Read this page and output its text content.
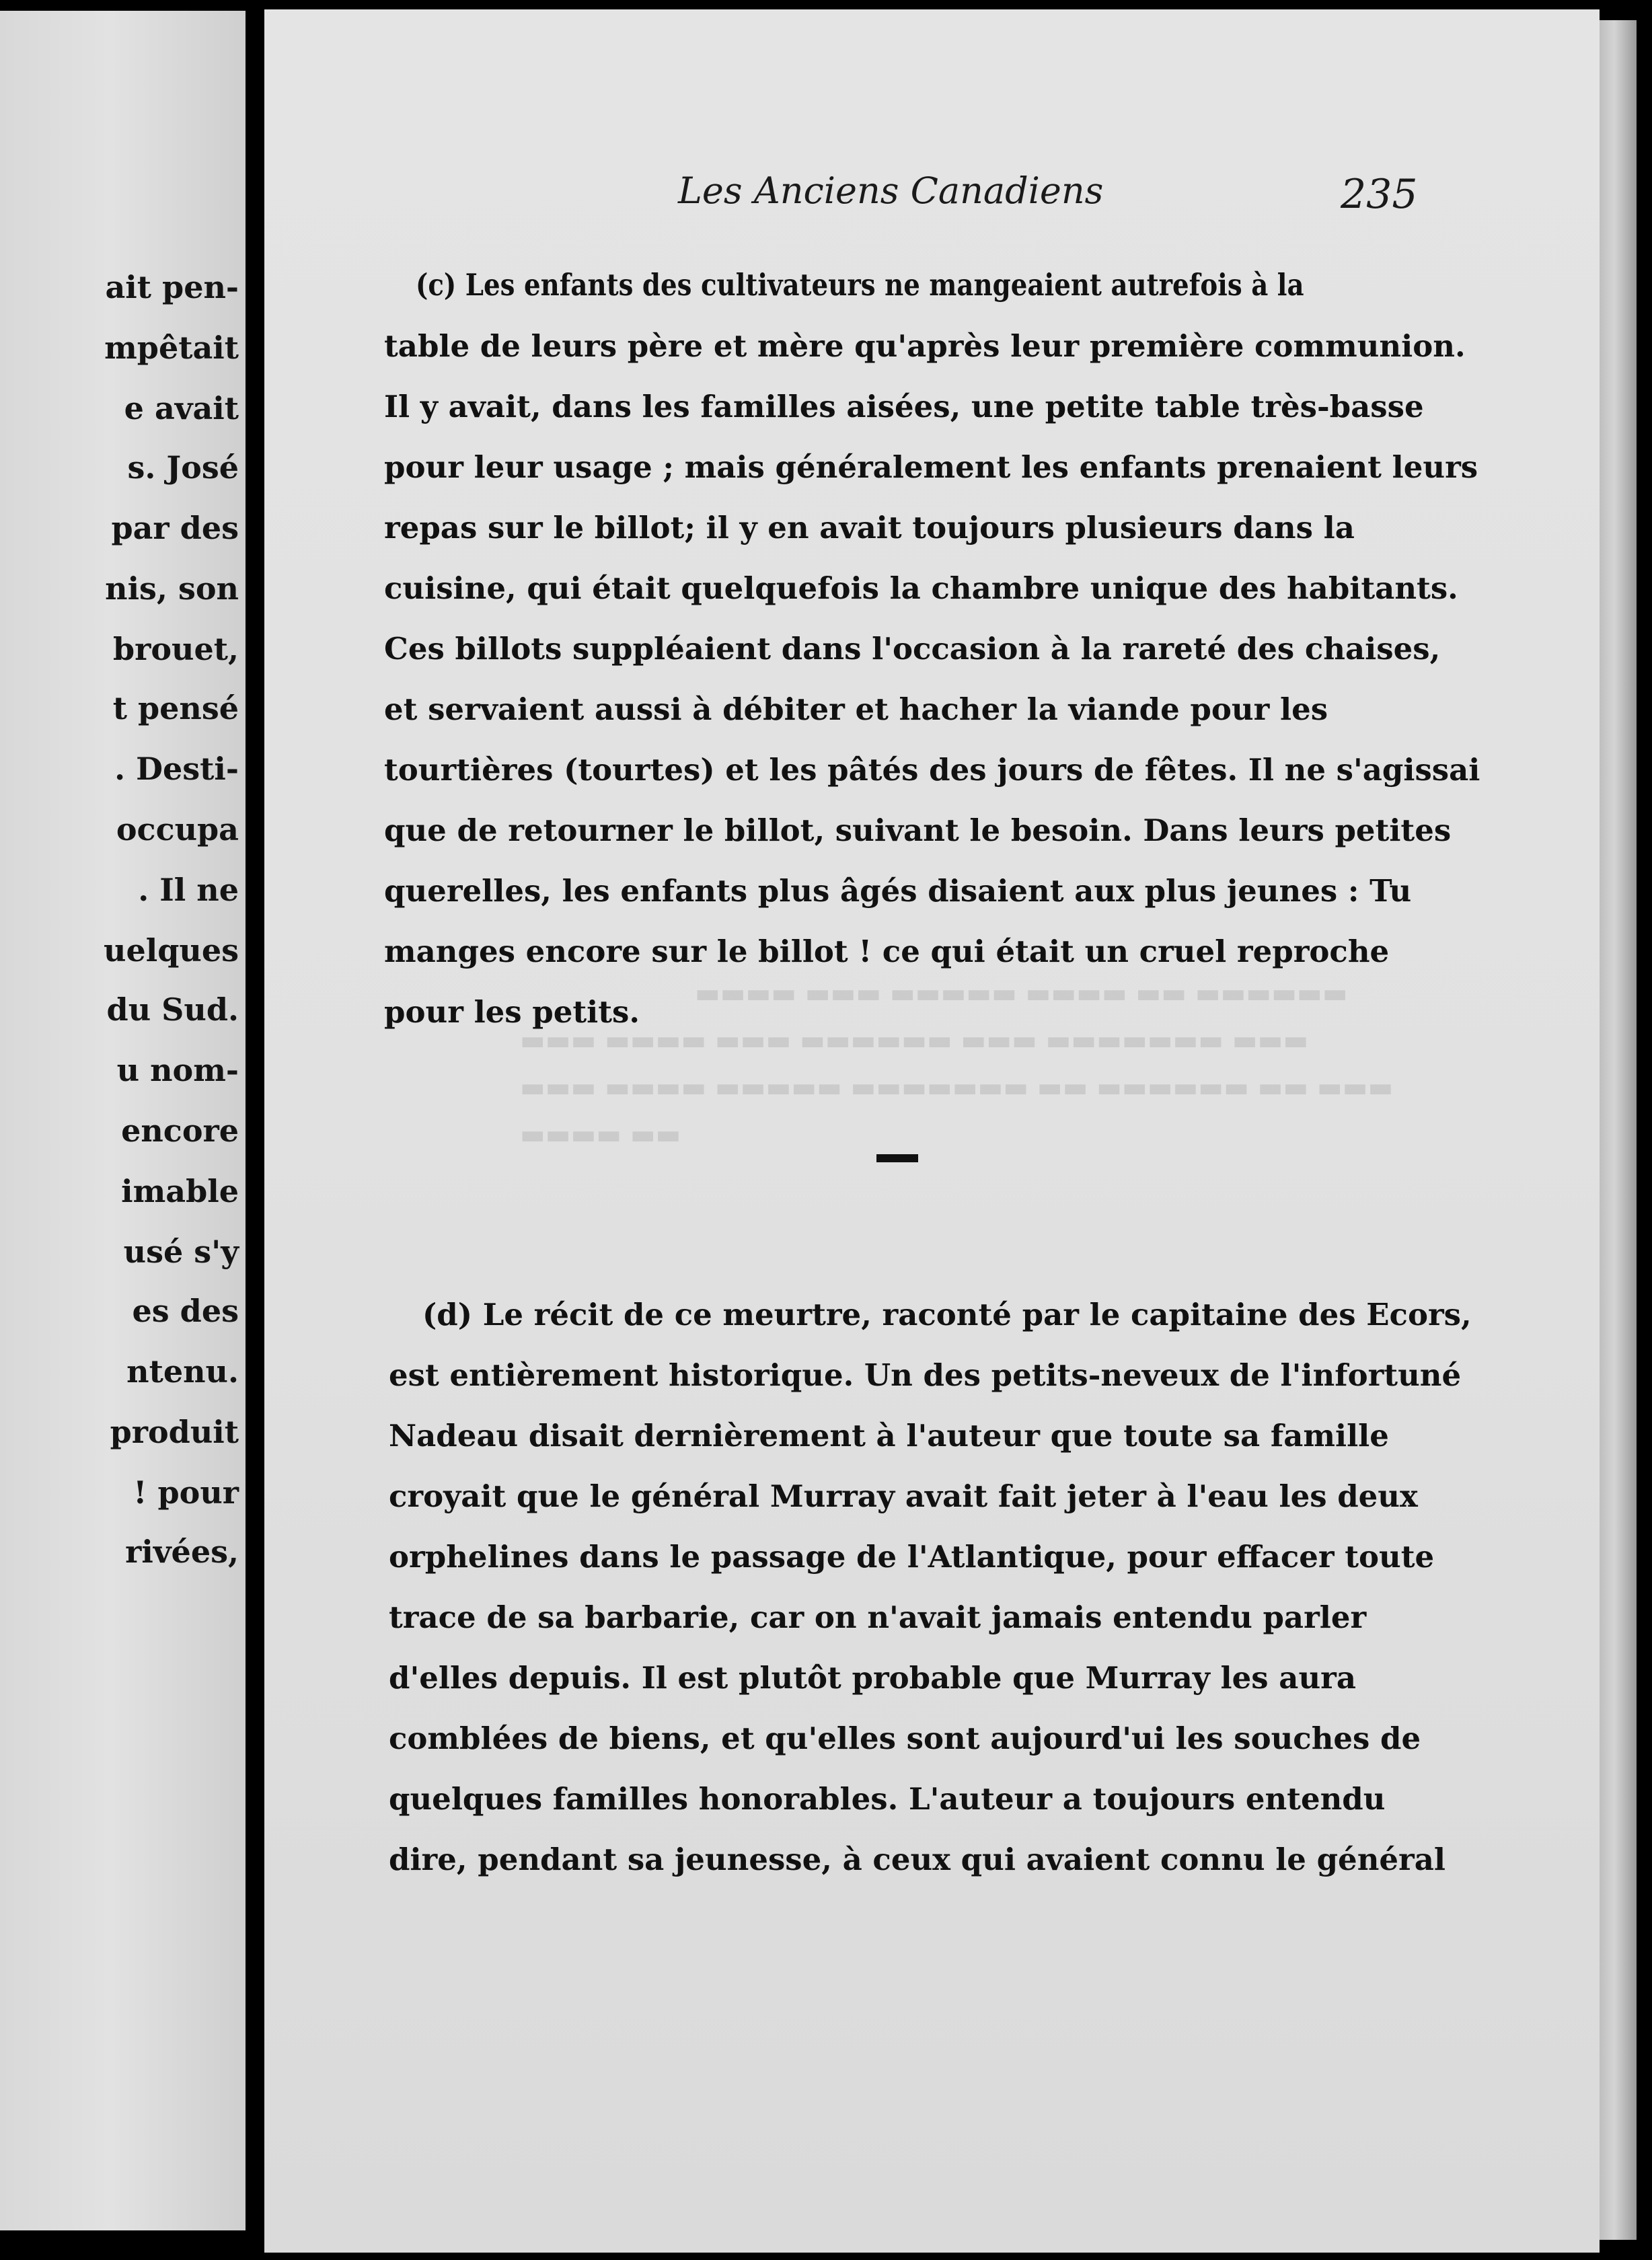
ait pen-
mpêtait
e avait
s. José
par des
nis, son
brouet,
t pensé
. Desti-
occupa
. Il ne
uelques
du Sud.
u nom-
encore
imable
usé s'y
es des
ntenu.
produit
! pour
rivées,
▬▬▬▬ ▬▬▬ ▬▬▬▬▬ ▬▬▬▬ ▬▬ ▬▬▬▬▬▬
▬▬▬ ▬▬▬▬ ▬▬▬ ▬▬▬▬▬▬ ▬▬▬ ▬▬▬▬▬▬▬ ▬▬▬
▬▬▬ ▬▬▬▬ ▬▬▬▬▬ ▬▬▬▬▬▬▬ ▬▬ ▬▬▬▬▬▬ ▬▬ ▬▬▬
▬▬▬▬ ▬▬
Les Anciens Canadiens	235
(c) Les enfants des cultivateurs ne mangeaient autrefois à la
table de leurs père et mère qu'après leur première communion.
Il y avait, dans les familles aisées, une petite table très-basse
pour leur usage ; mais généralement les enfants prenaient leurs
repas sur le billot; il y en avait toujours plusieurs dans la
cuisine, qui était quelquefois la chambre unique des habitants.
Ces billots suppléaient dans l'occasion à la rareté des chaises,
et servaient aussi à débiter et hacher la viande pour les
tourtières (tourtes) et les pâtés des jours de fêtes. Il ne s'agissai
que de retourner le billot, suivant le besoin. Dans leurs petites
querelles, les enfants plus âgés disaient aux plus jeunes : Tu
manges encore sur le billot ! ce qui était un cruel reproche
pour les petits.
(d) Le récit de ce meurtre, raconté par le capitaine des Ecors,
est entièrement historique. Un des petits-neveux de l'infortuné
Nadeau disait dernièrement à l'auteur que toute sa famille
croyait que le général Murray avait fait jeter à l'eau les deux
orphelines dans le passage de l'Atlantique, pour effacer toute
trace de sa barbarie, car on n'avait jamais entendu parler
d'elles depuis. Il est plutôt probable que Murray les aura
comblées de biens, et qu'elles sont aujourd'ui les souches de
quelques familles honorables. L'auteur a toujours entendu
dire, pendant sa jeunesse, à ceux qui avaient connu le général
